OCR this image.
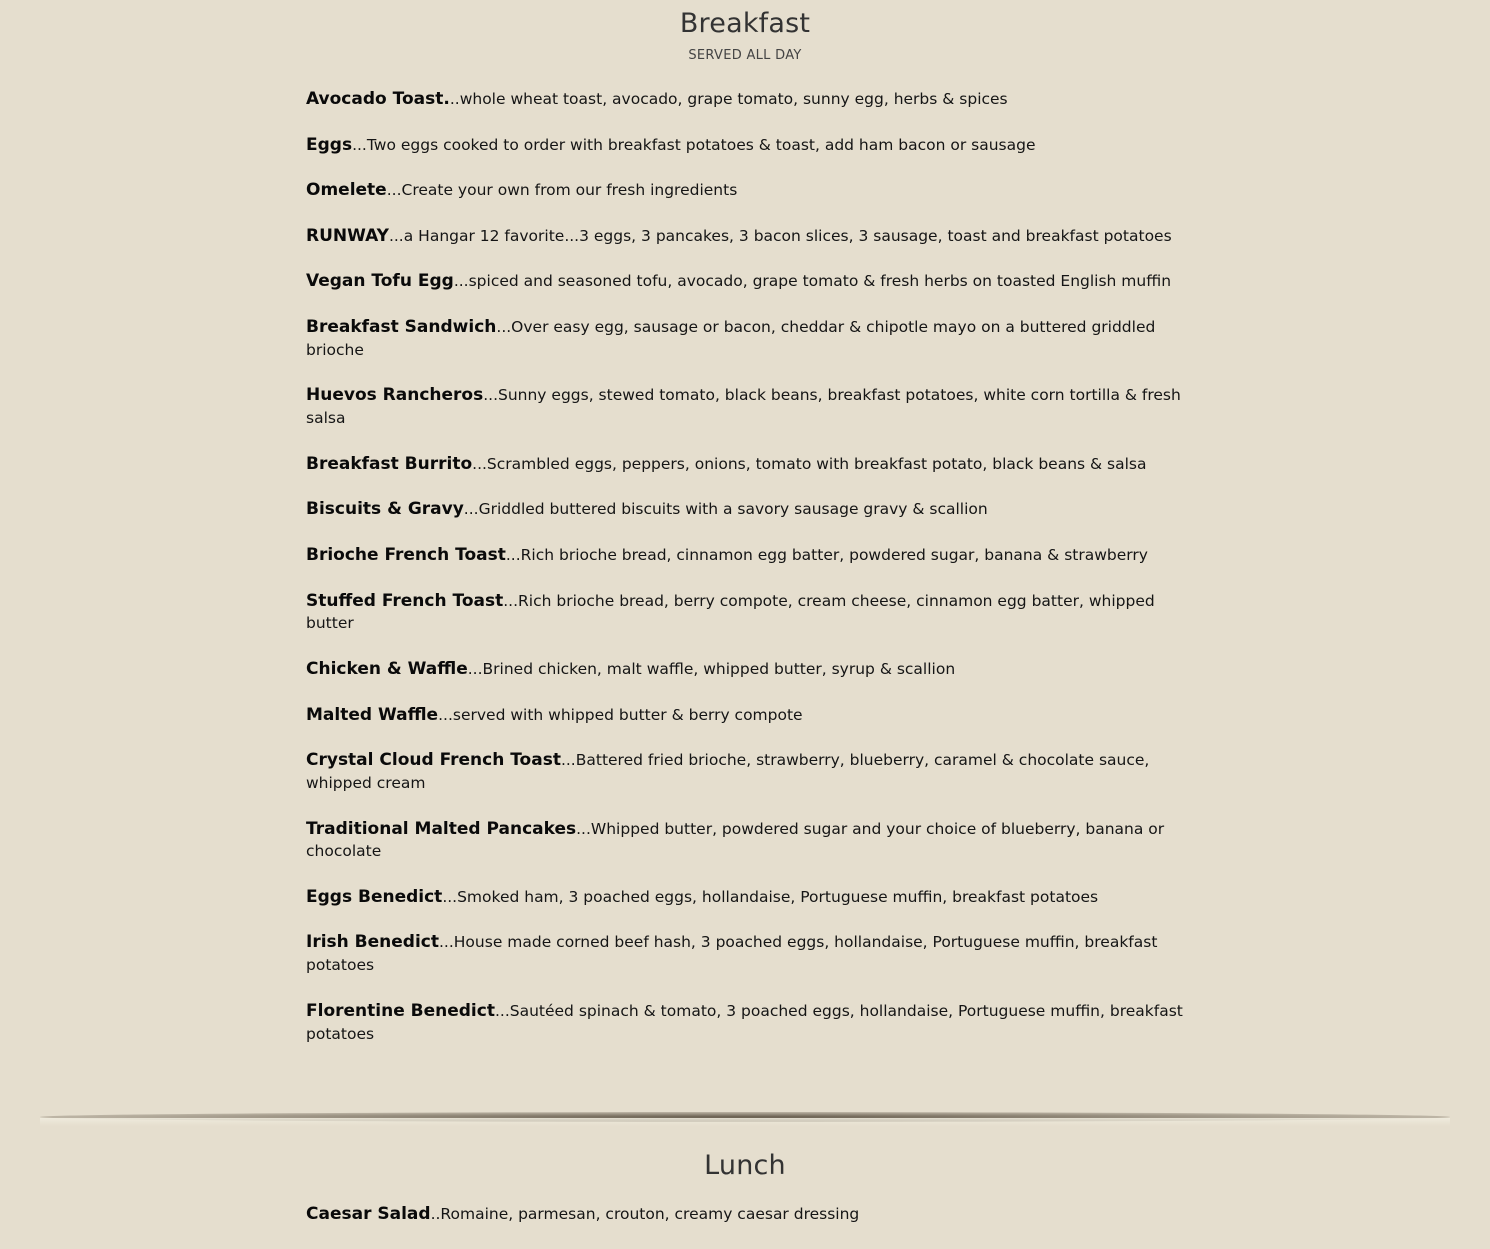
Breakfast
SERVED ALL DAY
Avocado Toast...whole wheat toast, avocado, grape tomato, sunny egg, herbs & spices
Eggs...Two eggs cooked to order with breakfast potatoes & toast, add ham bacon or sausage
Omelete...Create your own from our fresh ingredients
RUNWAY...a Hangar 12 favorite...3 eggs, 3 pancakes, 3 bacon slices, 3 sausage, toast and breakfast potatoes
Vegan Tofu Egg...spiced and seasoned tofu, avocado, grape tomato & fresh herbs on toasted English muffin
Breakfast Sandwich...Over easy egg, sausage or bacon, cheddar & chipotle mayo on a buttered griddled brioche
Huevos Rancheros...Sunny eggs, stewed tomato, black beans, breakfast potatoes, white corn tortilla & fresh salsa
Breakfast Burrito...Scrambled eggs, peppers, onions, tomato with breakfast potato, black beans & salsa
Biscuits & Gravy...Griddled buttered biscuits with a savory sausage gravy & scallion
Brioche French Toast...Rich brioche bread, cinnamon egg batter, powdered sugar, banana & strawberry
Stuffed French Toast...Rich brioche bread, berry compote, cream cheese, cinnamon egg batter, whipped butter
Chicken & Waffle...Brined chicken, malt waffle, whipped butter, syrup & scallion
Malted Waffle...served with whipped butter & berry compote
Crystal Cloud French Toast...Battered fried brioche, strawberry, blueberry, caramel & chocolate sauce, whipped cream
Traditional Malted Pancakes...Whipped butter, powdered sugar and your choice of blueberry, banana or chocolate
Eggs Benedict...Smoked ham, 3 poached eggs, hollandaise, Portuguese muffin, breakfast potatoes
Irish Benedict...House made corned beef hash, 3 poached eggs, hollandaise, Portuguese muffin, breakfast potatoes
Florentine Benedict...Sautéed spinach & tomato, 3 poached eggs, hollandaise, Portuguese muffin, breakfast potatoes
Lunch
Caesar Salad..Romaine, parmesan, crouton, creamy caesar dressing
